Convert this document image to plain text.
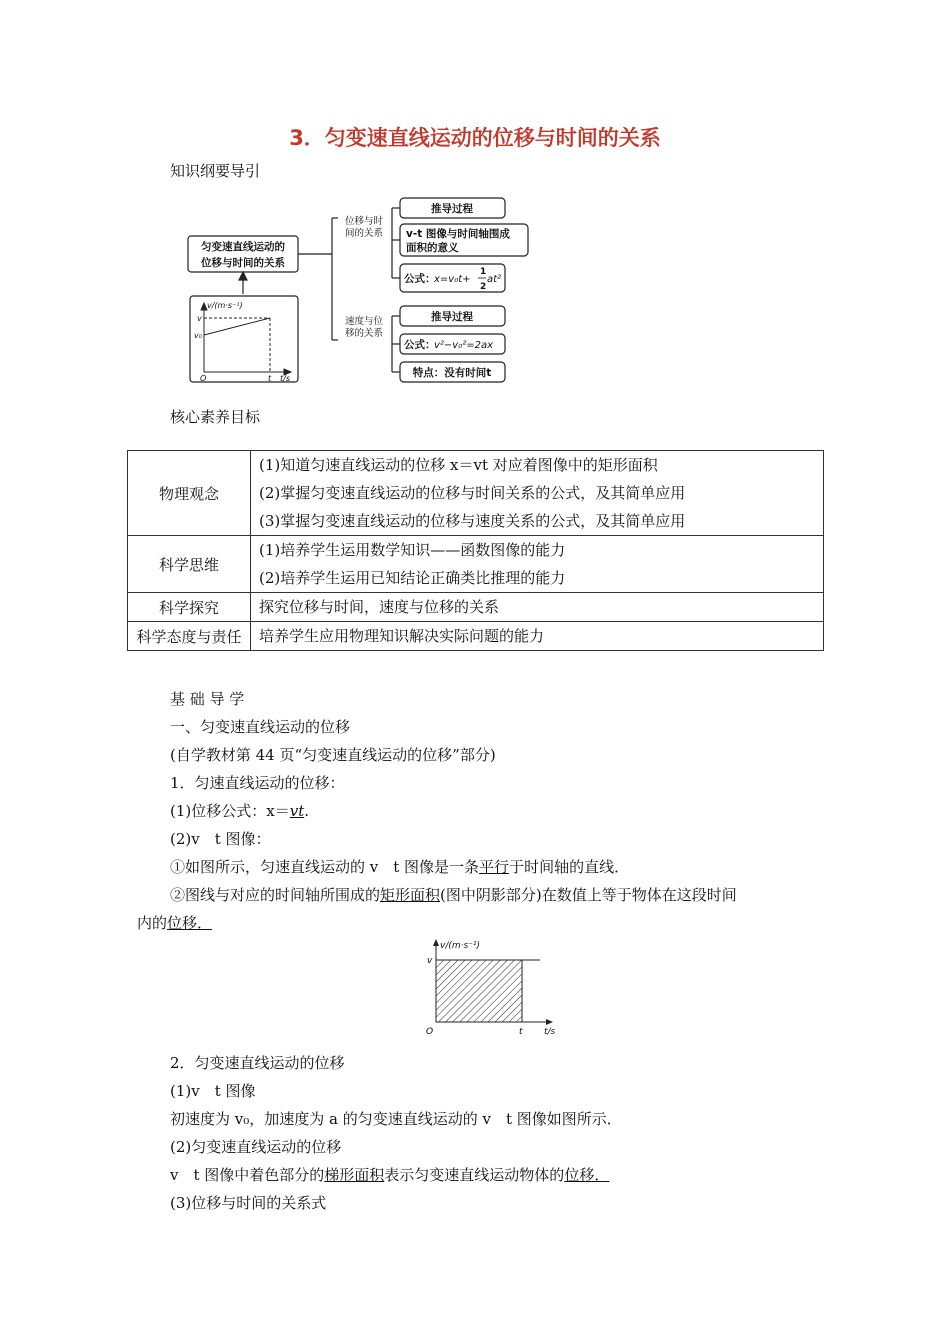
3．匀变速直线运动的位移与时间的关系
知识纲要导引
匀变速直线运动的
位移与时间的关系
位移与时
间的关系
速度与位
移的关系
推导过程
v-t 图像与时间轴围成
面积的意义
公式：
x=v₀t+
1
2
at²
推导过程
公式：
v²−v₀²=2ax
特点：没有时间t
v/(m·s⁻¹)
v
v₀
O	t t/s
核心素养目标
物理观念	(1)知道匀速直线运动的位移 x＝vt 对应着图像中的矩形面积
(2)掌握匀变速直线运动的位移与时间关系的公式，及其简单应用
(3)掌握匀变速直线运动的位移与速度关系的公式，及其简单应用

科学思维	(1)培养学生运用数学知识——函数图像的能力
(2)培养学生运用已知结论正确类比推理的能力

科学探究	探究位移与时间，速度与位移的关系

科学态度与责任	培养学生应用物理知识解决实际问题的能力
基 础 导 学
一、匀变速直线运动的位移
(自学教材第 44 页“匀变速直线运动的位移”部分)
1．匀速直线运动的位移：
(1)位移公式：x＝vt.
(2)v　t 图像：
①如图所示，匀速直线运动的 v　t 图像是一条平行于时间轴的直线．
②图线与对应的时间轴所围成的矩形面积(图中阴影部分)在数值上等于物体在这段时间
内的位移．
v/(m·s⁻¹)
v
O	t t/s
2．匀变速直线运动的位移
(1)v　t 图像
初速度为 v₀，加速度为 a 的匀变速直线运动的 v　t 图像如图所示．
(2)匀变速直线运动的位移
v　t 图像中着色部分的梯形面积表示匀变速直线运动物体的位移．
(3)位移与时间的关系式
